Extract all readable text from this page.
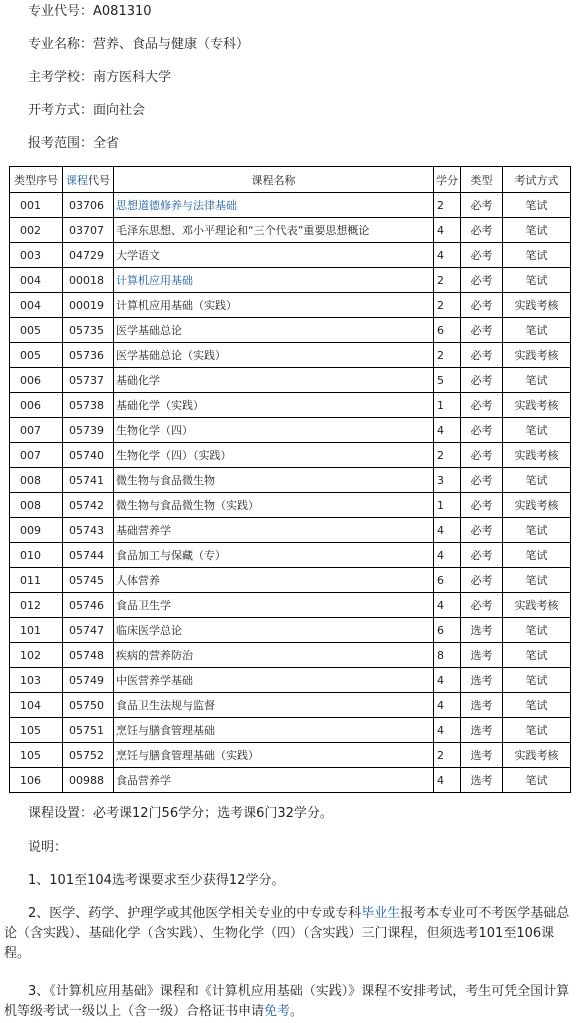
专业代号：A081310
专业名称：营养、食品与健康（专科）
主考学校：南方医科大学
开考方式：面向社会
报考范围：全省
类型序号	课程代号	课程名称	学分	类型	考试方式
001	03706	思想道德修养与法律基础	2	必考	笔试
002	03707	毛泽东思想、邓小平理论和“三个代表”重要思想概论	4	必考	笔试
003	04729	大学语文	4	必考	笔试
004	00018	计算机应用基础	2	必考	笔试
004	00019	计算机应用基础（实践）	2	必考	实践考核
005	05735	医学基础总论	6	必考	笔试
005	05736	医学基础总论（实践）	2	必考	实践考核
006	05737	基础化学	5	必考	笔试
006	05738	基础化学（实践）	1	必考	实践考核
007	05739	生物化学（四）	4	必考	笔试
007	05740	生物化学（四）（实践）	2	必考	实践考核
008	05741	微生物与食品微生物	3	必考	笔试
008	05742	微生物与食品微生物（实践）	1	必考	实践考核
009	05743	基础营养学	4	必考	笔试
010	05744	食品加工与保藏（专）	4	必考	笔试
011	05745	人体营养	6	必考	笔试
012	05746	食品卫生学	4	必考	实践考核
101	05747	临床医学总论	6	选考	笔试
102	05748	疾病的营养防治	8	选考	笔试
103	05749	中医营养学基础	4	选考	笔试
104	05750	食品卫生法规与监督	4	选考	笔试
105	05751	烹饪与膳食管理基础	4	选考	笔试
105	05752	烹饪与膳食管理基础（实践）	2	选考	实践考核
106	00988	食品营养学	4	选考	笔试
课程设置：必考课12门56学分；选考课6门32学分。
说明：
1、101至104选考课要求至少获得12学分。
2、医学、药学、护理学或其他医学相关专业的中专或专科毕业生报考本专业可不考医学基础总论（含实践）、基础化学（含实践）、生物化学（四）（含实践）三门课程，但须选考101至106课程。
3、《计算机应用基础》课程和《计算机应用基础（实践）》课程不安排考试，考生可凭全国计算机等级考试一级以上（含一级）合格证书申请免考。
